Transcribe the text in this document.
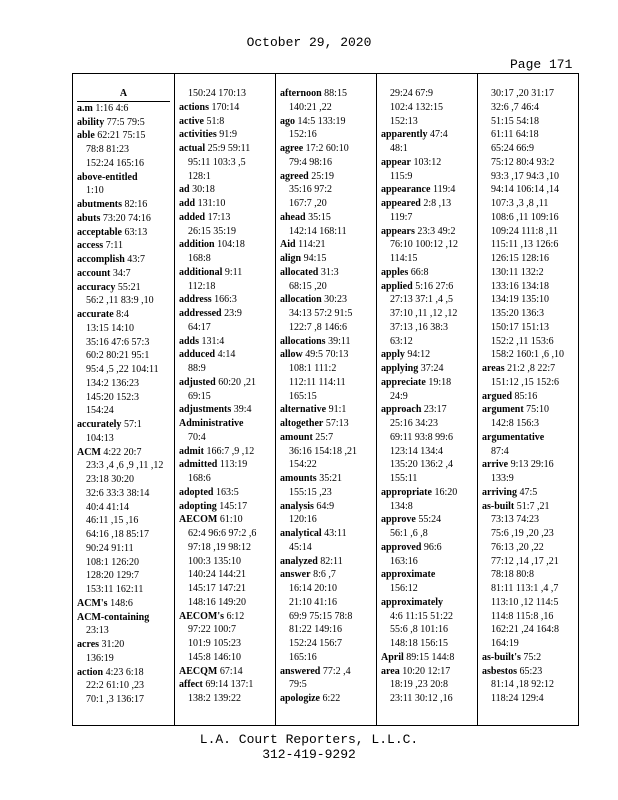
October 29, 2020
Page 171
A
a.m 1:16 4:6
ability 77:5 79:5
able 62:21 75:15
78:8 81:23
152:24 165:16
above-entitled
1:10
abutments 82:16
abuts 73:20 74:16
acceptable 63:13
access 7:11
accomplish 43:7
account 34:7
accuracy 55:21
56:2 ,11 83:9 ,10
accurate 8:4
13:15 14:10
35:16 47:6 57:3
60:2 80:21 95:1
95:4 ,5 ,22 104:11
134:2 136:23
145:20 152:3
154:24
accurately 57:1
104:13
ACM 4:22 20:7
23:3 ,4 ,6 ,9 ,11 ,12
23:18 30:20
32:6 33:3 38:14
40:4 41:14
46:11 ,15 ,16
64:16 ,18 85:17
90:24 91:11
108:1 126:20
128:20 129:7
153:11 162:11
ACM's 148:6
ACM-containing
23:13
acres 31:20
136:19
action 4:23 6:18
22:2 61:10 ,23
70:1 ,3 136:17
150:24 170:13
actions 170:14
active 51:8
activities 91:9
actual 25:9 59:11
95:11 103:3 ,5
128:1
ad 30:18
add 131:10
added 17:13
26:15 35:19
addition 104:18
168:8
additional 9:11
112:18
address 166:3
addressed 23:9
64:17
adds 131:4
adduced 4:14
88:9
adjusted 60:20 ,21
69:15
adjustments 39:4
Administrative
70:4
admit 166:7 ,9 ,12
admitted 113:19
168:6
adopted 163:5
adopting 145:17
AECOM 61:10
62:4 96:6 97:2 ,6
97:18 ,19 98:12
100:3 135:10
140:24 144:21
145:17 147:21
148:16 149:20
AECOM's 6:12
97:22 100:7
101:9 105:23
145:8 146:10
AECQM 67:14
affect 69:14 137:1
138:2 139:22
afternoon 88:15
140:21 ,22
ago 14:5 133:19
152:16
agree 17:2 60:10
79:4 98:16
agreed 25:19
35:16 97:2
167:7 ,20
ahead 35:15
142:14 168:11
Aid 114:21
align 94:15
allocated 31:3
68:15 ,20
allocation 30:23
34:13 57:2 91:5
122:7 ,8 146:6
allocations 39:11
allow 49:5 70:13
108:1 111:2
112:11 114:11
165:15
alternative 91:1
altogether 57:13
amount 25:7
36:16 154:18 ,21
154:22
amounts 35:21
155:15 ,23
analysis 64:9
120:16
analytical 43:11
45:14
analyzed 82:11
answer 8:6 ,7
16:14 20:10
21:10 41:16
69:9 75:15 78:8
81:22 149:16
152:24 156:7
165:16
answered 77:2 ,4
79:5
apologize 6:22
29:24 67:9
102:4 132:15
152:13
apparently 47:4
48:1
appear 103:12
115:9
appearance 119:4
appeared 2:8 ,13
119:7
appears 23:3 49:2
76:10 100:12 ,12
114:15
apples 66:8
applied 5:16 27:6
27:13 37:1 ,4 ,5
37:10 ,11 ,12 ,12
37:13 ,16 38:3
63:12
apply 94:12
applying 37:24
appreciate 19:18
24:9
approach 23:17
25:16 34:23
69:11 93:8 99:6
123:14 134:4
135:20 136:2 ,4
155:11
appropriate 16:20
134:8
approve 55:24
56:1 ,6 ,8
approved 96:6
163:16
approximate
156:12
approximately
4:6 11:15 51:22
55:6 ,8 101:16
148:18 156:15
April 89:15 144:8
area 10:20 12:17
18:19 ,23 20:8
23:11 30:12 ,16
30:17 ,20 31:17
32:6 ,7 46:4
51:15 54:18
61:11 64:18
65:24 66:9
75:12 80:4 93:2
93:3 ,17 94:3 ,10
94:14 106:14 ,14
107:3 ,3 ,8 ,11
108:6 ,11 109:16
109:24 111:8 ,11
115:11 ,13 126:6
126:15 128:16
130:11 132:2
133:16 134:18
134:19 135:10
135:20 136:3
150:17 151:13
152:2 ,11 153:6
158:2 160:1 ,6 ,10
areas 21:2 ,8 22:7
151:12 ,15 152:6
argued 85:16
argument 75:10
142:8 156:3
argumentative
87:4
arrive 9:13 29:16
133:9
arriving 47:5
as-built 51:7 ,21
73:13 74:23
75:6 ,19 ,20 ,23
76:13 ,20 ,22
77:12 ,14 ,17 ,21
78:18 80:8
81:11 113:1 ,4 ,7
113:10 ,12 114:5
114:8 115:8 ,16
162:21 ,24 164:8
164:19
as-built's 75:2
asbestos 65:23
81:14 ,18 92:12
118:24 129:4
L.A. Court Reporters, L.L.C.
312-419-9292
